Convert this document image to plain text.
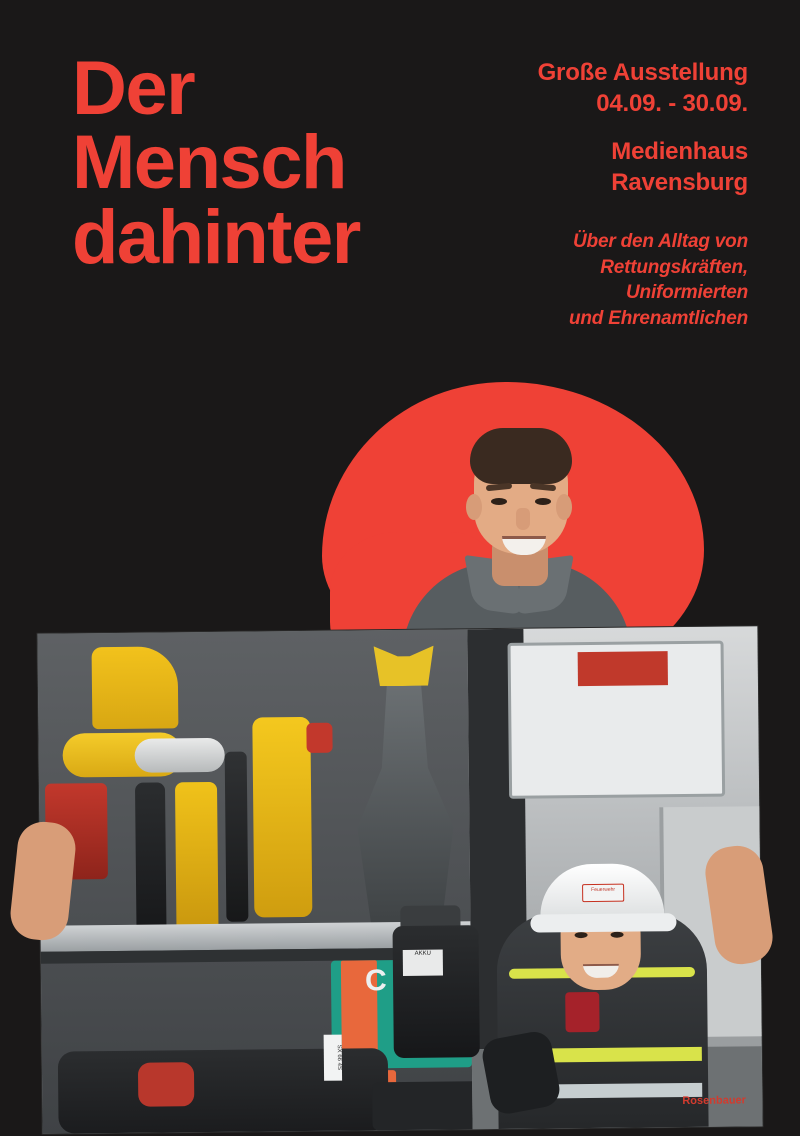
Der
Mensch
dahinter
Große Ausstellung
04.09. - 30.09.
Medienhaus
Ravensburg
Über den Alltag von
Rettungskräften,
Uniformierten
und Ehrenamtlichen
C
SX 66 4S
Feuerwehr
AKKU
Rosenbauer
